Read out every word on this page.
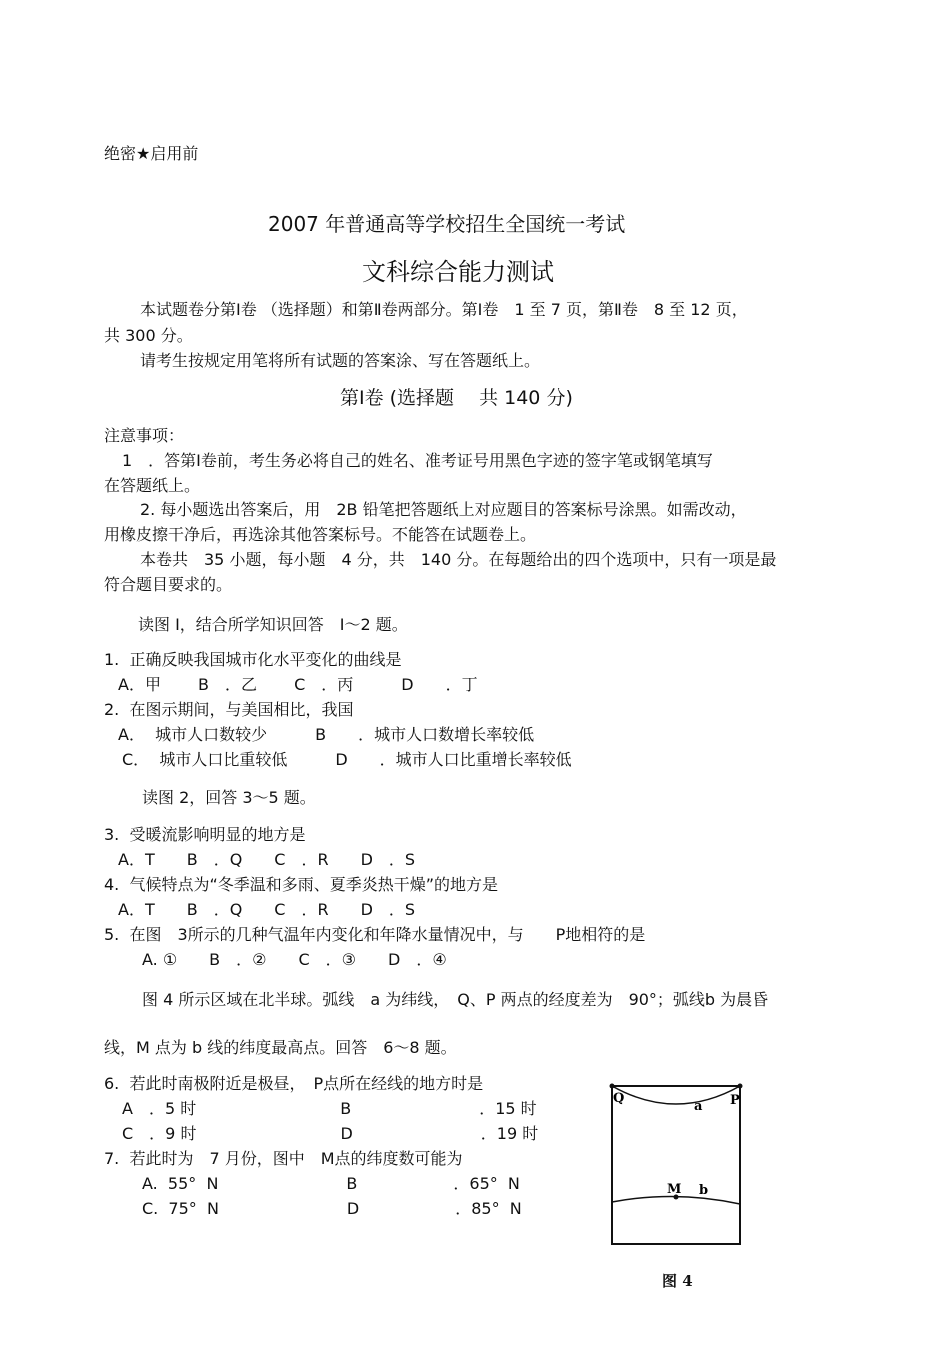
绝密★启用前
2007 年普通高等学校招生全国统一考试
文科综合能力测试
本试题卷分第Ⅰ卷 （选择题）和第Ⅱ卷两部分。第Ⅰ卷　1 至 7 页，第Ⅱ卷　8 至 12 页，
共 300 分。
请考生按规定用笔将所有试题的答案涂、写在答题纸上。
第Ⅰ卷 (选择题　 共 140 分)
注意事项：
1　．答第Ⅰ卷前，考生务必将自己的姓名、准考证号用黑色字迹的签字笔或钢笔填写
在答题纸上。
2. 每小题选出答案后，用　2B 铅笔把答题纸上对应题目的答案标号涂黑。如需改动，
用橡皮擦干净后，再选涂其他答案标号。不能答在试题卷上。
本卷共　35 小题，每小题　4 分，共　140 分。在每题给出的四个选项中，只有一项是最
符合题目要求的。
读图 I，结合所学知识回答　I～2 题。
1.  正确反映我国城市化水平变化的曲线是
A．甲　　 B　．乙　　 C　．丙　　　D　　．丁
2.  在图示期间，与美国相比，我国
A．  城市人口数较少　　　B　　．城市人口数增长率较低
C．  城市人口比重较低　　　D　　．城市人口比重增长率较低
读图 2，回答 3～5 题。
3.  受暖流影响明显的地方是
A．T　　B　．Q　　C　．R　　D　．S
4.  气候特点为“冬季温和多雨、夏季炎热干燥”的地方是
A．T　　B　．Q　　C　．R　　D　．S
5.  在图　3所示的几种气温年内变化和年降水量情况中，与　　P地相符的是
A. ①　　B　．②　　C　．③　　D　．④
图 4 所示区域在北半球。弧线　a 为纬线，　Q、P 两点的经度差为　90°；弧线b 为晨昏
线，M 点为 b 线的纬度最高点。回答　6～8 题。
6.  若此时南极附近是极昼，　P点所在经线的地方时是
A　．5 时　　　　　　　　　B　　　　　　　　．15 时
C　．9 时　　　　　　　　　D　　　　　　　　．19 时
7.  若此时为　7 月份，图中　M点的纬度数可能为
A.  55°  N　　　　　　　　B　　　　　　．65°  N
C.  75°  N　　　　　　　　D　　　　　　．85°  N
Q	P
a
M b
图 4
